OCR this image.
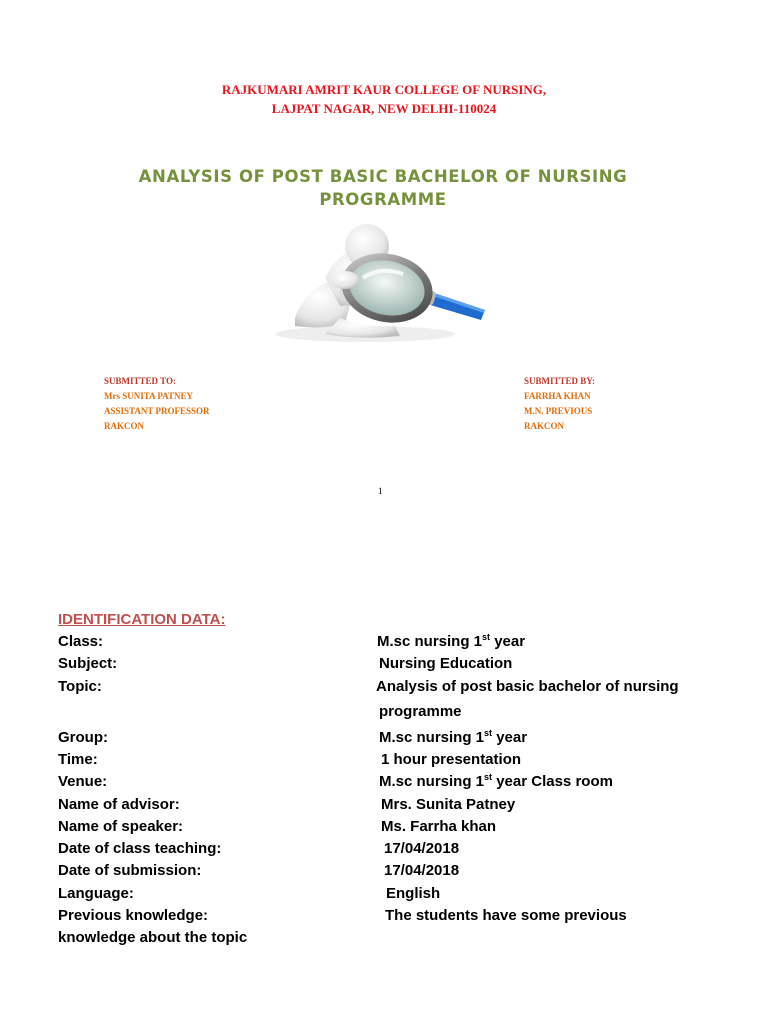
RAJKUMARI AMRIT KAUR COLLEGE OF NURSING,
LAJPAT NAGAR, NEW DELHI-110024
ANALYSIS OF POST BASIC BACHELOR OF NURSING
PROGRAMME
SUBMITTED TO:
Mrs SUNITA PATNEY
ASSISTANT PROFESSOR
RAKCON
SUBMITTED BY:
FARRHA KHAN
M.N. PREVIOUS
RAKCON
1
IDENTIFICATION DATA:
Class:	M.sc nursing 1st year
Subject:	Nursing Education
Topic:	Analysis of post basic bachelor of nursing
programme
Group:	M.sc nursing 1st year
Time:	1 hour presentation
Venue:	M.sc nursing 1st year Class room
Name of advisor:	Mrs. Sunita Patney
Name of speaker:	Ms. Farrha khan
Date of class teaching:	17/04/2018
Date of submission:	17/04/2018
Language:	English
Previous knowledge:	The students have some previous
knowledge about the topic
